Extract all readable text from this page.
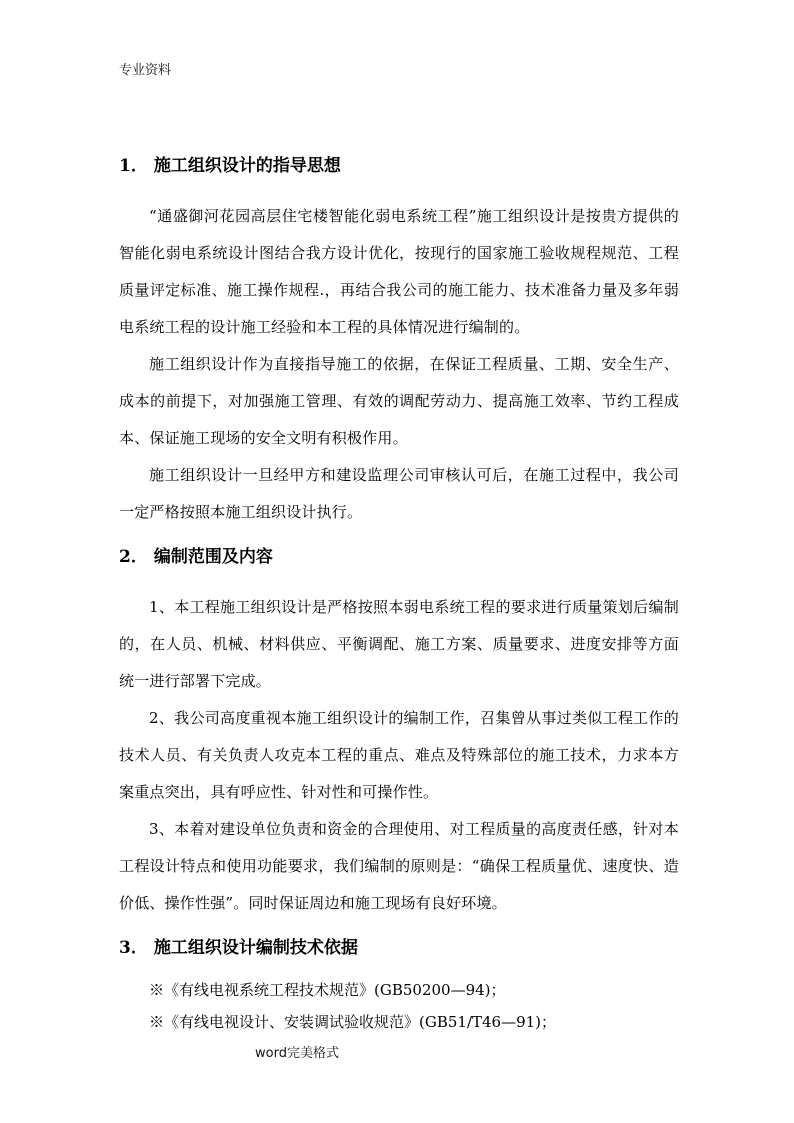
专业资料
1． 施工组织设计的指导思想

“通盛御河花园高层住宅楼智能化弱电系统工程”施工组织设计是按贵方提供的智能化弱电系统设计图结合我方设计优化，按现行的国家施工验收规程规范、工程质量评定标准、施工操作规程.，再结合我公司的施工能力、技术准备力量及多年弱电系统工程的设计施工经验和本工程的具体情况进行编制的。

施工组织设计作为直接指导施工的依据，在保证工程质量、工期、安全生产、成本的前提下，对加强施工管理、有效的调配劳动力、提高施工效率、节约工程成本、保证施工现场的安全文明有积极作用。

施工组织设计一旦经甲方和建设监理公司审核认可后，在施工过程中，我公司一定严格按照本施工组织设计执行。

2． 编制范围及内容

1、本工程施工组织设计是严格按照本弱电系统工程的要求进行质量策划后编制的，在人员、机械、材料供应、平衡调配、施工方案、质量要求、进度安排等方面统一进行部署下完成。

2、我公司高度重视本施工组织设计的编制工作，召集曾从事过类似工程工作的技术人员、有关负责人攻克本工程的重点、难点及特殊部位的施工技术，力求本方案重点突出，具有呼应性、针对性和可操作性。

3、本着对建设单位负责和资金的合理使用、对工程质量的高度责任感，针对本工程设计特点和使用功能要求，我们编制的原则是：“确保工程质量优、速度快、造价低、操作性强”。同时保证周边和施工现场有良好环境。

3． 施工组织设计编制技术依据

※《有线电视系统工程技术规范》(GB50200—94)；

※《有线电视设计、安装调试验收规范》(GB51/T46—91)；

word完美格式
